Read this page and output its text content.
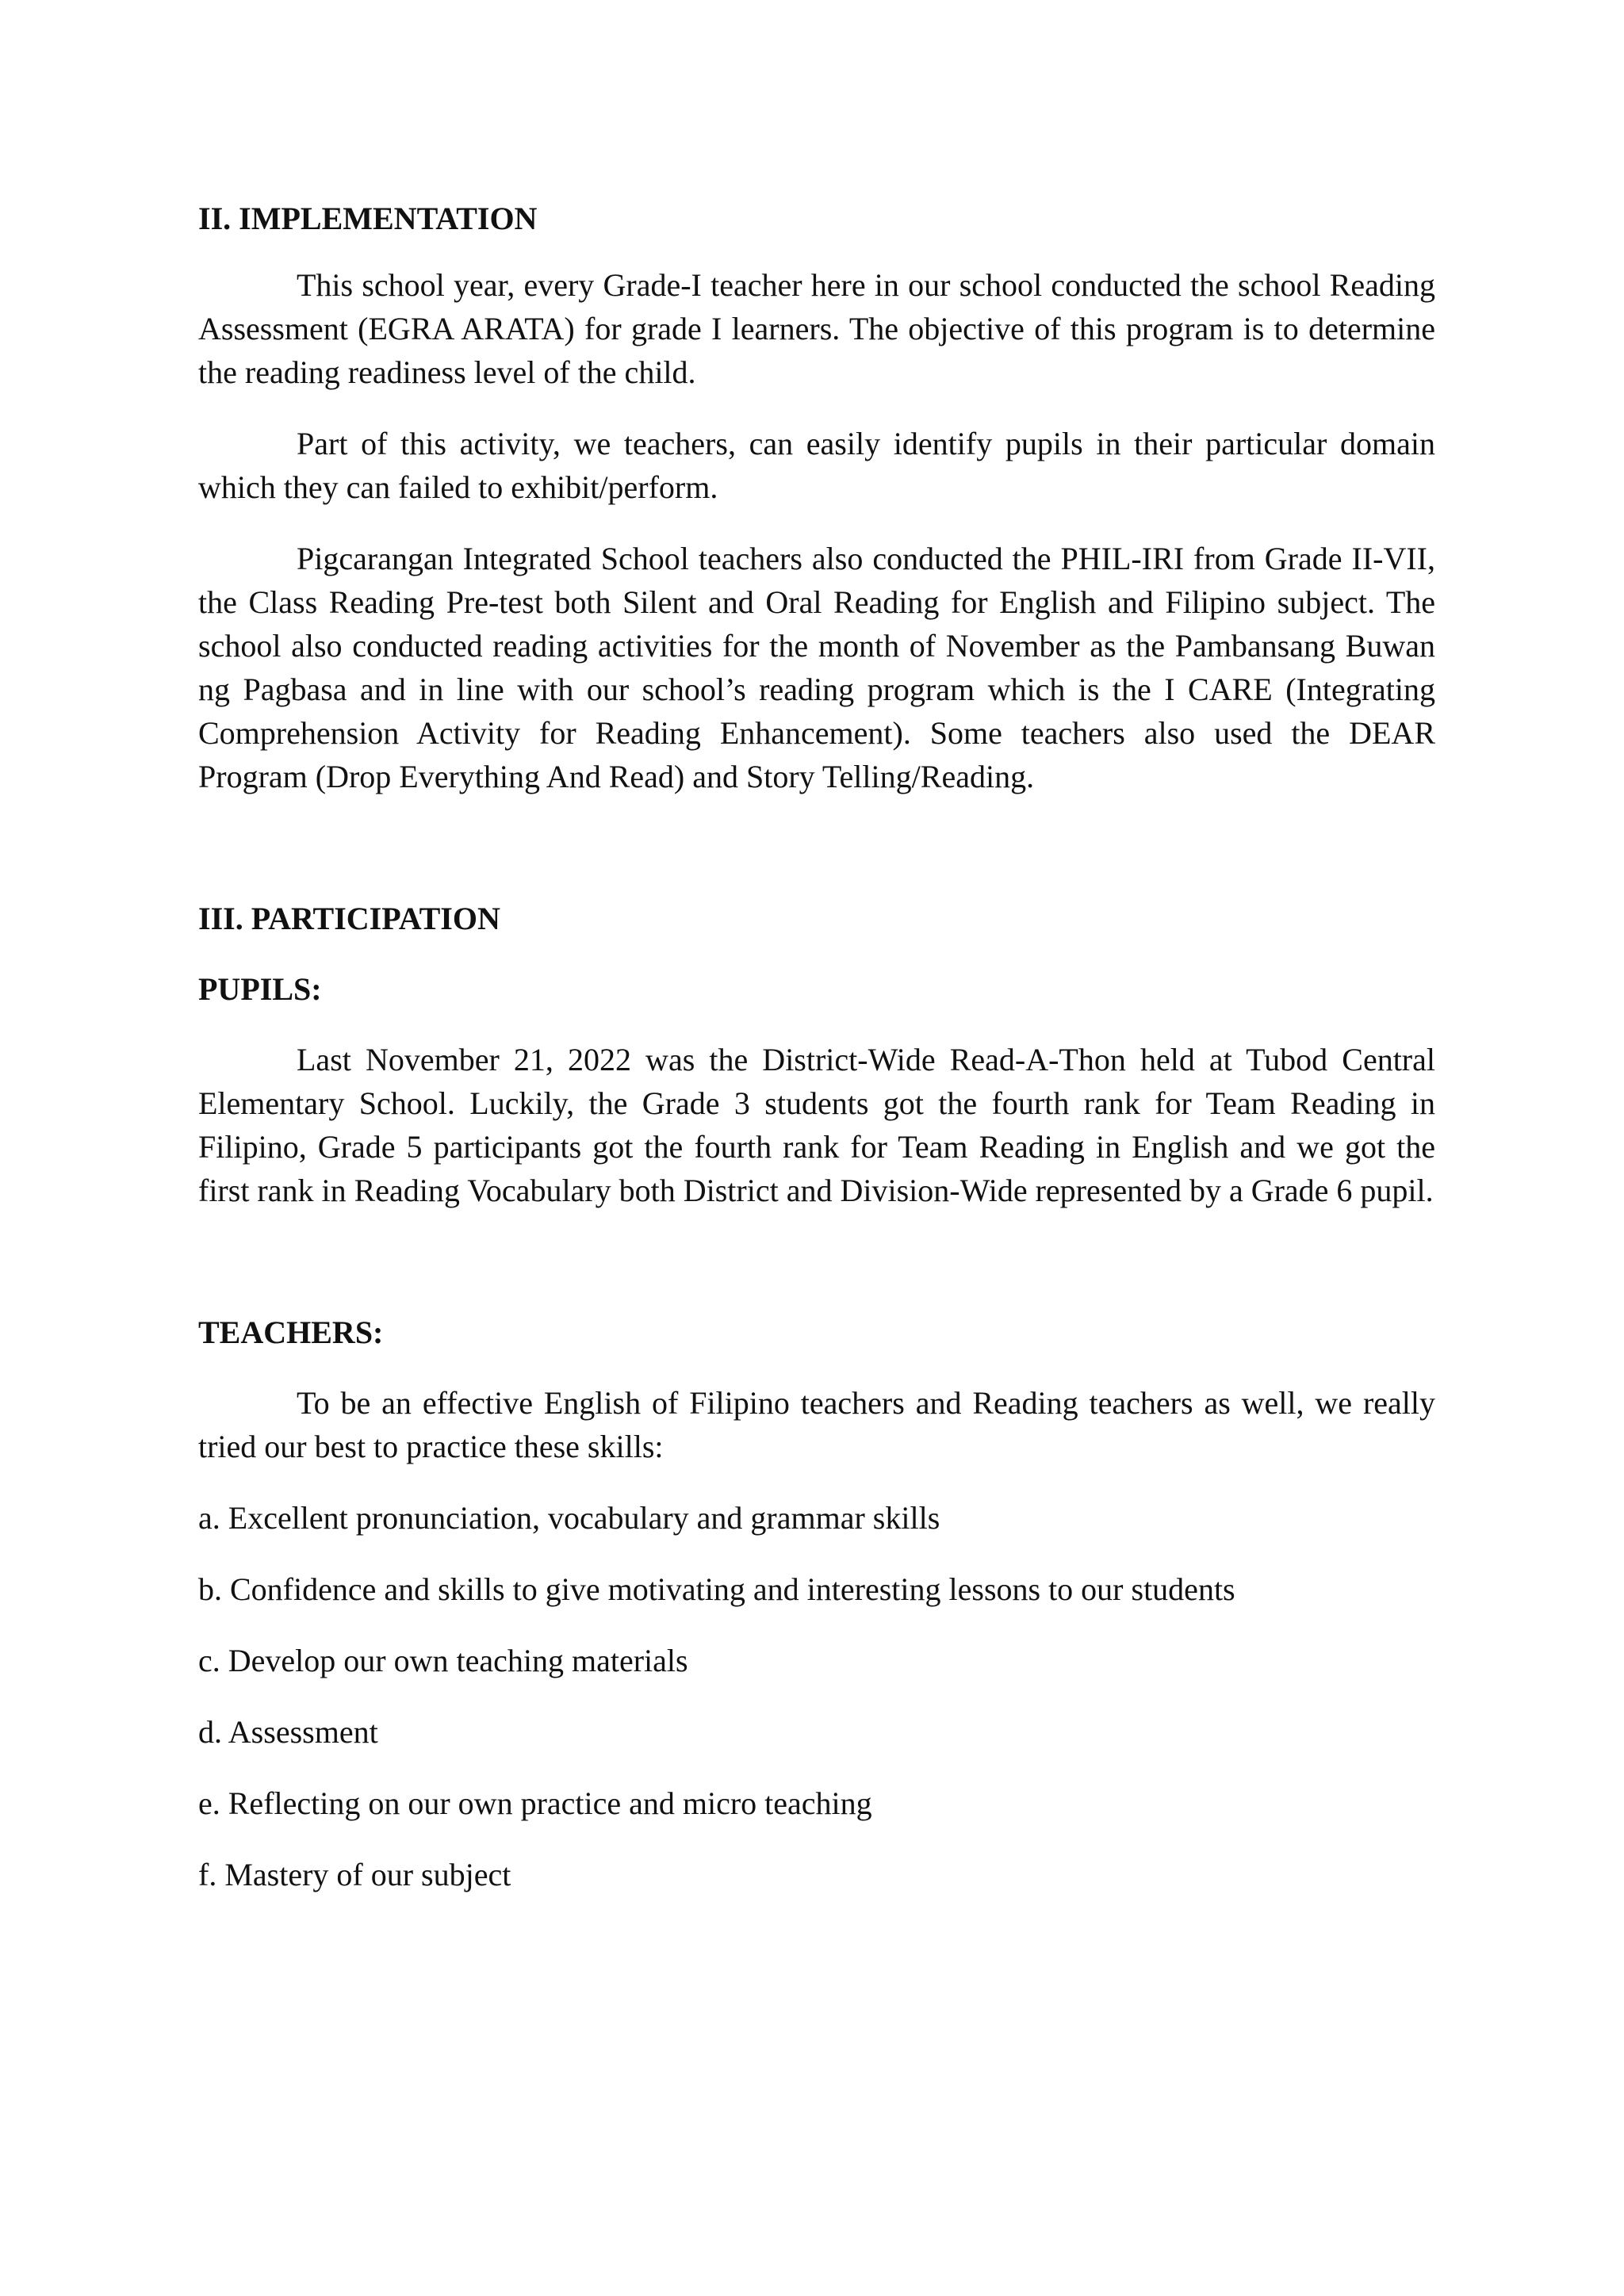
II. IMPLEMENTATION

This school year, every Grade-I teacher here in our school conducted the school Reading Assessment (EGRA ARATA) for grade I learners. The objective of this program is to determine the reading readiness level of the child.

Part of this activity, we teachers, can easily identify pupils in their particular domain which they can failed to exhibit/perform.

Pigcarangan Integrated School teachers also conducted the PHIL-IRI from Grade II-VII, the Class Reading Pre-test both Silent and Oral Reading for English and Filipino subject. The school also conducted reading activities for the month of November as the Pambansang Buwan ng Pagbasa and in line with our school’s reading program which is the I CARE (Integrating Comprehension Activity for Reading Enhancement). Some teachers also used the DEAR Program (Drop Everything And Read) and Story Telling/Reading.

III. PARTICIPATION
PUPILS:

Last November 21, 2022 was the District-Wide Read-A-Thon held at Tubod Central Elementary School. Luckily, the Grade 3 students got the fourth rank for Team Reading in Filipino, Grade 5 participants got the fourth rank for Team Reading in English and we got the first rank in Reading Vocabulary both District and Division-Wide represented by a Grade 6 pupil.

TEACHERS:

To be an effective English of Filipino teachers and Reading teachers as well, we really tried our best to practice these skills:

a. Excellent pronunciation, vocabulary and grammar skills

b. Confidence and skills to give motivating and interesting lessons to our students

c. Develop our own teaching materials

d. Assessment

e. Reflecting on our own practice and micro teaching

f. Mastery of our subject
